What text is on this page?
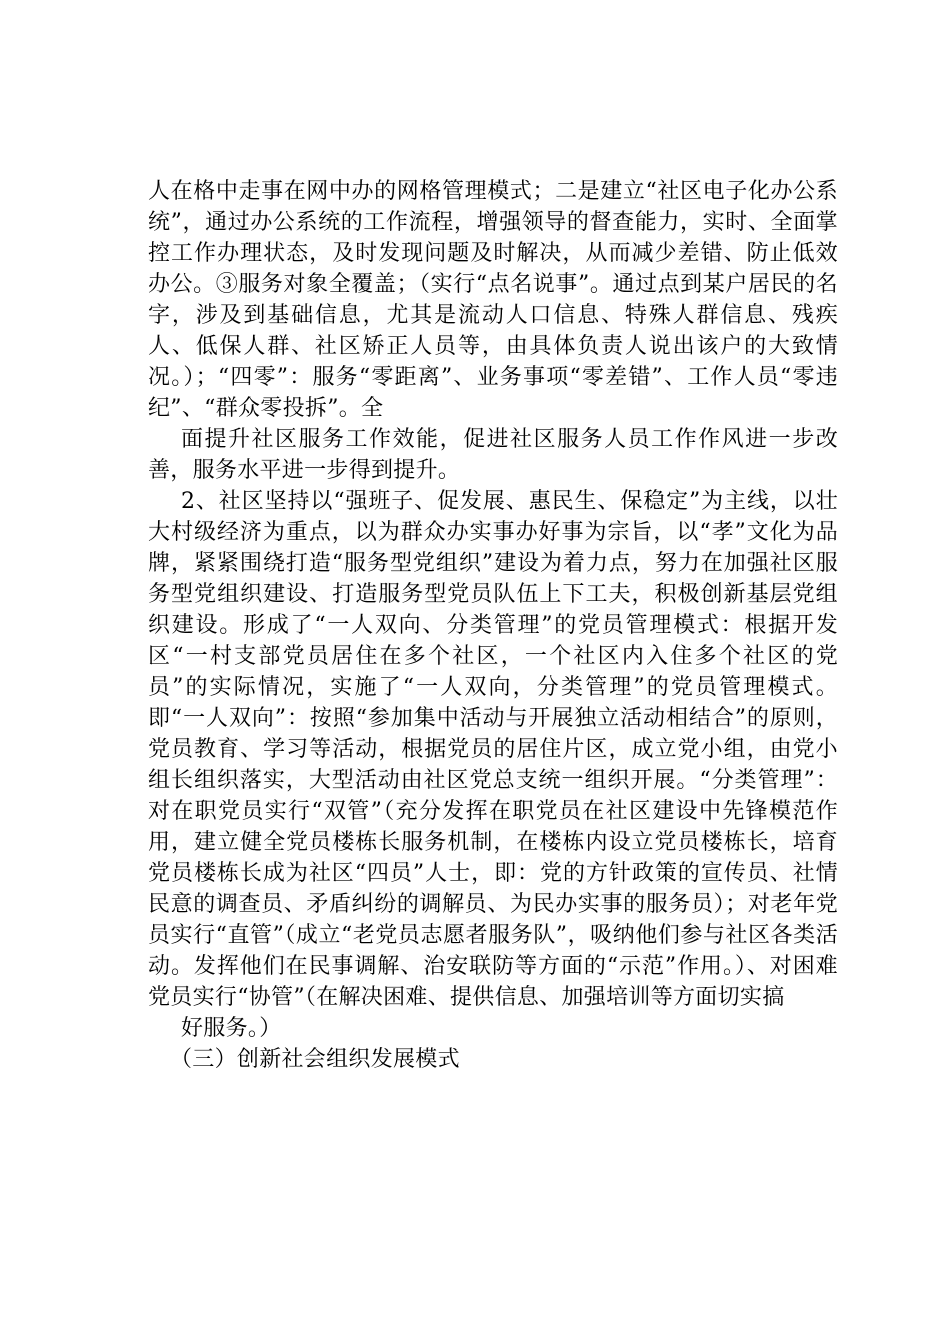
人在格中走事在网中办的网格管理模式；二是建立“社区电子化办公系统”，通过办公系统的工作流程，增强领导的督查能力，实时、全面掌控工作办理状态，及时发现问题及时解决，从而减少差错、防止低效办公。③服务对象全覆盖；（实行“点名说事”。通过点到某户居民的名字，涉及到基础信息，尤其是流动人口信息、特殊人群信息、残疾人、低保人群、社区矫正人员等，由具体负责人说出该户的大致情况。）；“四零”：服务“零距离”、业务事项“零差错”、工作人员“零违纪”、“群众零投拆”。全

面提升社区服务工作效能，促进社区服务人员工作作风进一步改善，服务水平进一步得到提升。

2、社区坚持以“强班子、促发展、惠民生、保稳定”为主线，以壮大村级经济为重点，以为群众办实事办好事为宗旨，以“孝”文化为品牌，紧紧围绕打造“服务型党组织”建设为着力点，努力在加强社区服务型党组织建设、打造服务型党员队伍上下工夫，积极创新基层党组织建设。形成了“一人双向、分类管理”的党员管理模式：根据开发区“一村支部党员居住在多个社区，一个社区内入住多个社区的党员”的实际情况，实施了“一人双向，分类管理”的党员管理模式。即“一人双向”：按照“参加集中活动与开展独立活动相结合”的原则，党员教育、学习等活动，根据党员的居住片区，成立党小组，由党小组长组织落实，大型活动由社区党总支统一组织开展。“分类管理”：对在职党员实行“双管”（充分发挥在职党员在社区建设中先锋模范作用，建立健全党员楼栋长服务机制，在楼栋内设立党员楼栋长，培育党员楼栋长成为社区“四员”人士，即：党的方针政策的宣传员、社情民意的调查员、矛盾纠纷的调解员、为民办实事的服务员）；对老年党员实行“直管”（成立“老党员志愿者服务队”，吸纳他们参与社区各类活动。发挥他们在民事调解、治安联防等方面的“示范”作用。）、对困难党员实行“协管”（在解决困难、提供信息、加强培训等方面切实搞

好服务。）

（三）创新社会组织发展模式
